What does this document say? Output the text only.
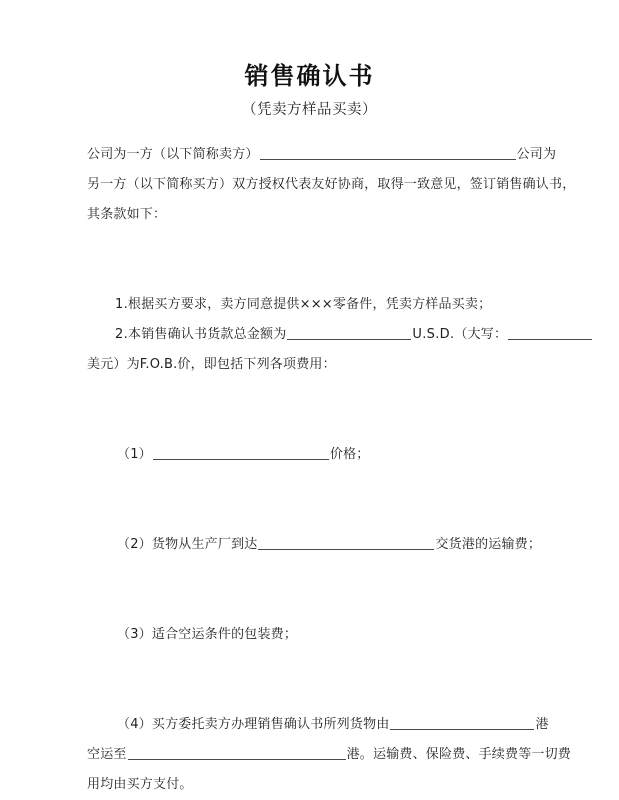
销售确认书
（凭卖方样品买卖）
公司为一方（以下简称卖方）	公司为
另一方（以下简称买方）双方授权代表友好协商，取得一致意见，签订销售确认书，
其条款如下：
1.根据买方要求，卖方同意提供×××零备件，凭卖方样品买卖；
2.本销售确认书货款总金额为	U.S.D.（大写：
美元）为F.O.B.价，即包括下列各项费用：
（1）	价格；
（2）货物从生产厂到达	交货港的运输费；
（3）适合空运条件的包装费；
（4）买方委托卖方办理销售确认书所列货物由	港
空运至	港。运输费、保险费、手续费等一切费
用均由买方支付。
